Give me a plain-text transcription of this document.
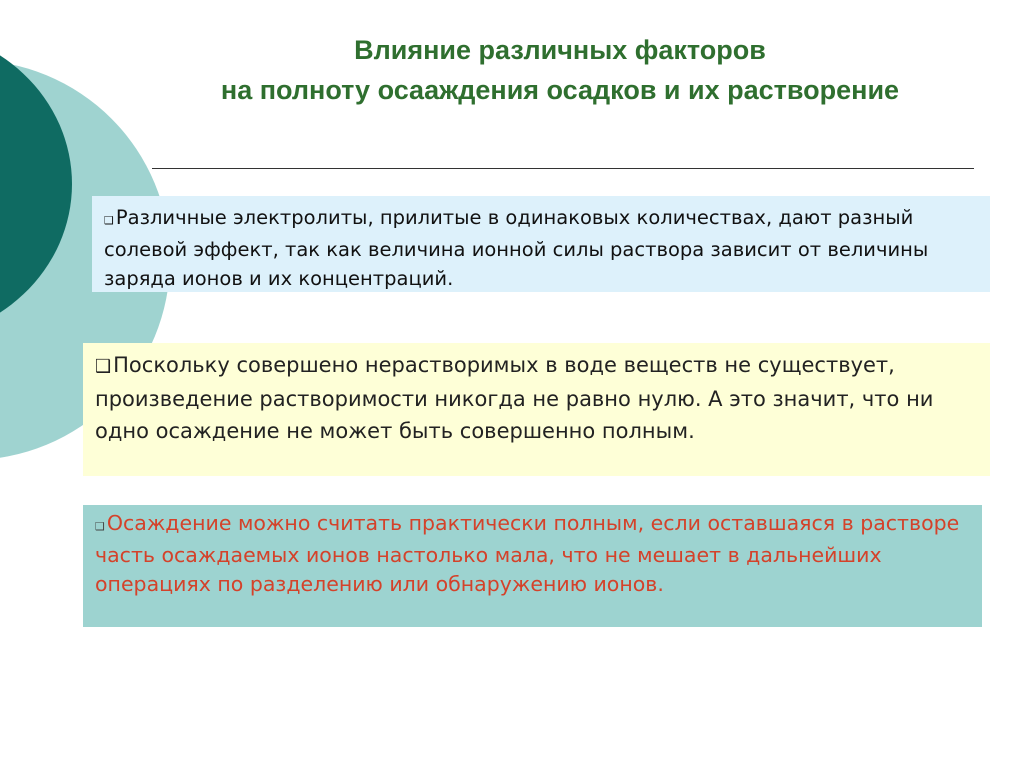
Влияние различных факторов
на полноту осааждения осадков и их растворение

❑ Различные электролиты, прилитые в одинаковых количествах, дают разный солевой эффект, так как величина ионной силы раствора зависит от величины заряда ионов и их концентраций.

❑Поскольку совершено нерастворимых в воде веществ не существует, произведение растворимости никогда не равно нулю. А это значит, что ни одно осаждение не может быть совершенно полным.

❑Осаждение можно считать практически полным, если оставшаяся в растворе часть осаждаемых ионов настолько мала, что не мешает в дальнейших операциях по разделению или обнаружению ионов.
